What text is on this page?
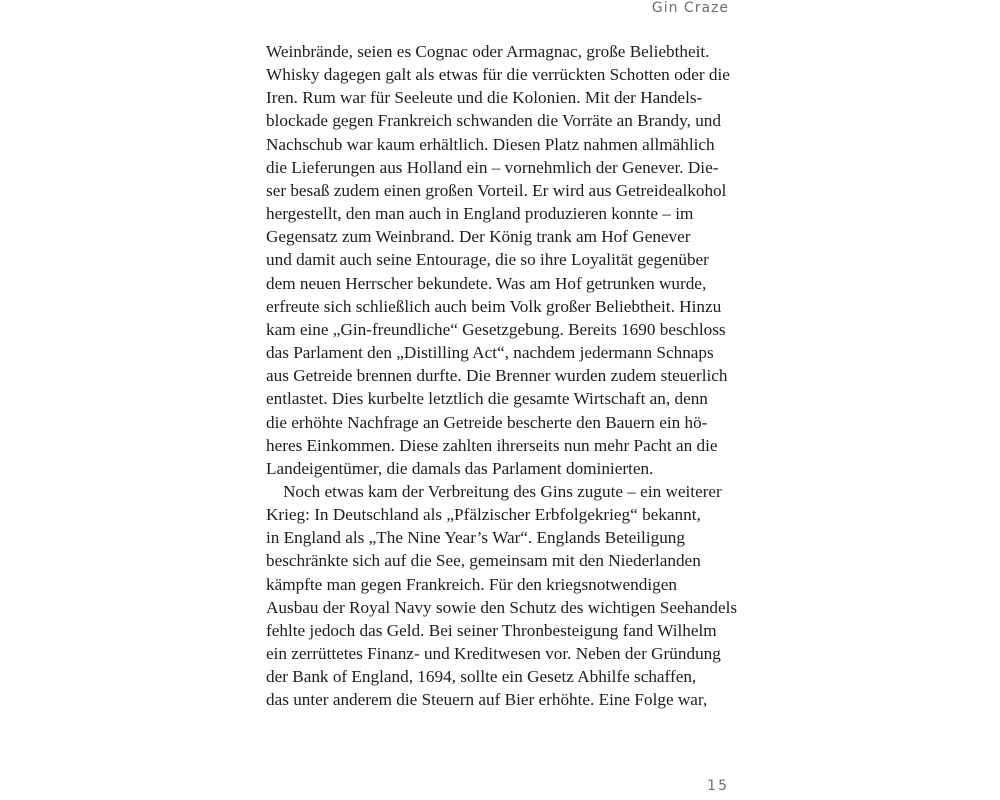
Gin Craze
Weinbrände, seien es Cognac oder Armagnac, große Beliebtheit.
Whisky dagegen galt als etwas für die verrückten Schotten oder die
Iren. Rum war für Seeleute und die Kolonien. Mit der Handels-
blockade gegen Frankreich schwanden die Vorräte an Brandy, und
Nachschub war kaum erhältlich. Diesen Platz nahmen allmählich
die Lieferungen aus Holland ein – vornehmlich der Genever. Die-
ser besaß zudem einen großen Vorteil. Er wird aus Getreidealkohol
hergestellt, den man auch in England produzieren konnte – im
Gegensatz zum Weinbrand. Der König trank am Hof Genever
und damit auch seine Entourage, die so ihre Loyalität gegenüber
dem neuen Herrscher bekundete. Was am Hof getrunken wurde,
erfreute sich schließlich auch beim Volk großer Beliebtheit. Hinzu
kam eine „Gin-freundliche“ Gesetzgebung. Bereits 1690 beschloss
das Parlament den „Distilling Act“, nachdem jedermann Schnaps
aus Getreide brennen durfte. Die Brenner wurden zudem steuerlich
entlastet. Dies kurbelte letztlich die gesamte Wirtschaft an, denn
die erhöhte Nachfrage an Getreide bescherte den Bauern ein hö-
heres Einkommen. Diese zahlten ihrerseits nun mehr Pacht an die
Landeigentümer, die damals das Parlament dominierten.
Noch etwas kam der Verbreitung des Gins zugute – ein weiterer
Krieg: In Deutschland als „Pfälzischer Erbfolgekrieg“ bekannt,
in England als „The Nine Year’s War“. Englands Beteiligung
beschränkte sich auf die See, gemeinsam mit den Niederlanden
kämpfte man gegen Frankreich. Für den kriegsnotwendigen
Ausbau der Royal Navy sowie den Schutz des wichtigen Seehandels
fehlte jedoch das Geld. Bei seiner Thronbesteigung fand Wilhelm
ein zerrüttetes Finanz- und Kreditwesen vor. Neben der Gründung
der Bank of England, 1694, sollte ein Gesetz Abhilfe schaffen,
das unter anderem die Steuern auf Bier erhöhte. Eine Folge war,
15
